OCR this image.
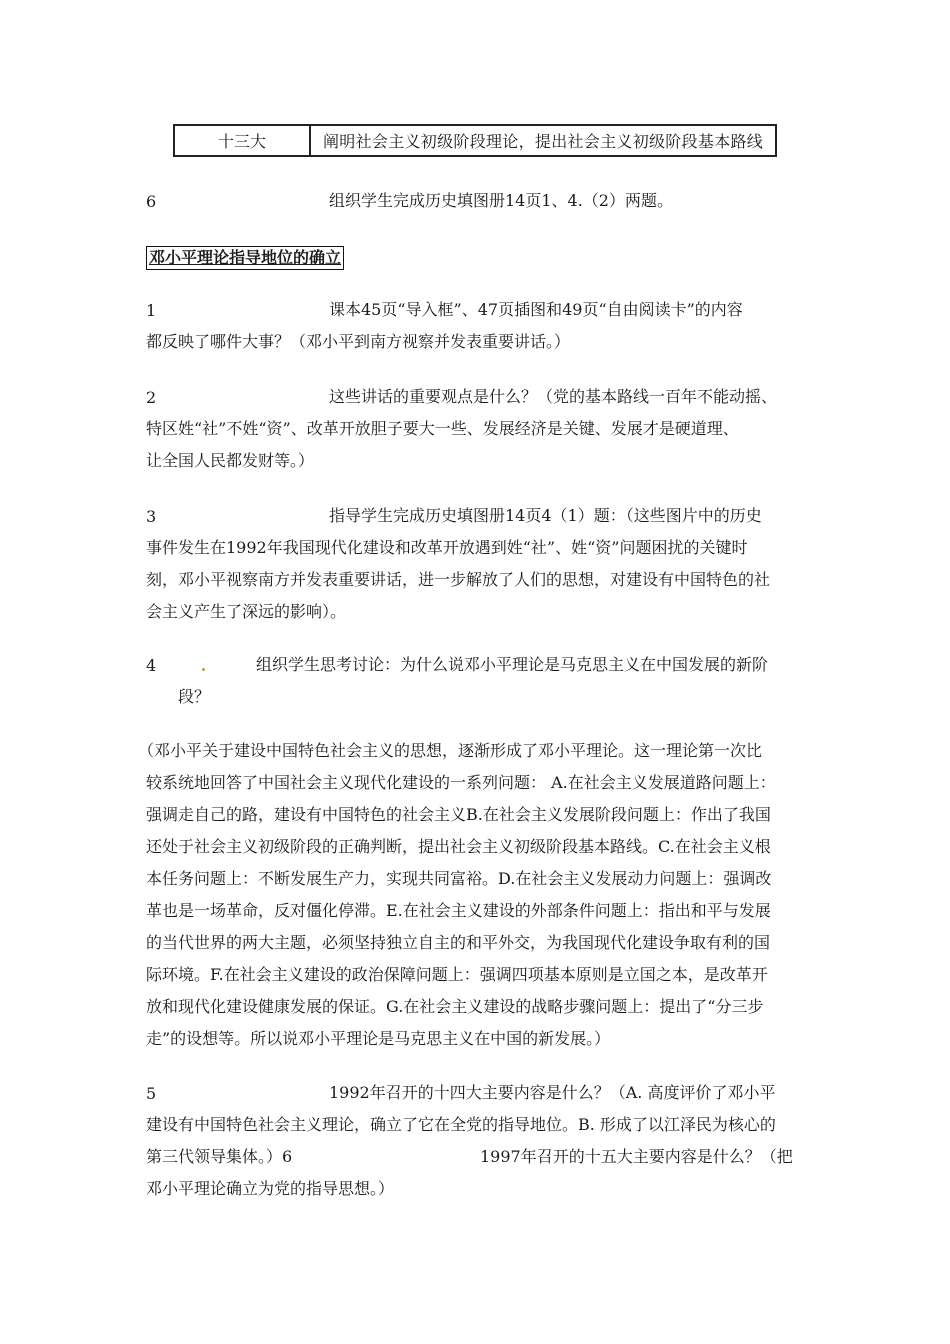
十三大	阐明社会主义初级阶段理论，提出社会主义初级阶段基本路线
6	组织学生完成历史填图册14页1、4.（2）两题。
邓小平理论指导地位的确立
1	课本45页“导入框”、47页插图和49页“自由阅读卡”的内容
都反映了哪件大事？（邓小平到南方视察并发表重要讲话。）
2	这些讲话的重要观点是什么？（党的基本路线一百年不能动摇、
特区姓“社”不姓“资”、改革开放胆子要大一些、发展经济是关键、发展才是硬道理、
让全国人民都发财等。）
3	指导学生完成历史填图册14页4（1）题：（这些图片中的历史
事件发生在1992年我国现代化建设和改革开放遇到姓“社”、姓“资”问题困扰的关键时
刻，邓小平视察南方并发表重要讲话，进一步解放了人们的思想，对建设有中国特色的社
会主义产生了深远的影响）。
4	组织学生思考讨论：为什么说邓小平理论是马克思主义在中国发展的新阶
段？
（邓小平关于建设中国特色社会主义的思想，逐渐形成了邓小平理论。这一理论第一次比
较系统地回答了中国社会主义现代化建设的一系列问题： A.在社会主义发展道路问题上：
强调走自己的路，建设有中国特色的社会主义B.在社会主义发展阶段问题上：作出了我国
还处于社会主义初级阶段的正确判断，提出社会主义初级阶段基本路线。C.在社会主义根
本任务问题上：不断发展生产力，实现共同富裕。D.在社会主义发展动力问题上：强调改
革也是一场革命，反对僵化停滞。E.在社会主义建设的外部条件问题上：指出和平与发展
的当代世界的两大主题，必须坚持独立自主的和平外交，为我国现代化建设争取有利的国
际环境。F.在社会主义建设的政治保障问题上：强调四项基本原则是立国之本，是改革开
放和现代化建设健康发展的保证。G.在社会主义建设的战略步骤问题上：提出了“分三步
走”的设想等。所以说邓小平理论是马克思主义在中国的新发展。）
5	1992年召开的十四大主要内容是什么？（A. 高度评价了邓小平
建设有中国特色社会主义理论，确立了它在全党的指导地位。B. 形成了以江泽民为核心的
第三代领导集体。）6	1997年召开的十五大主要内容是什么？（把
邓小平理论确立为党的指导思想。）
